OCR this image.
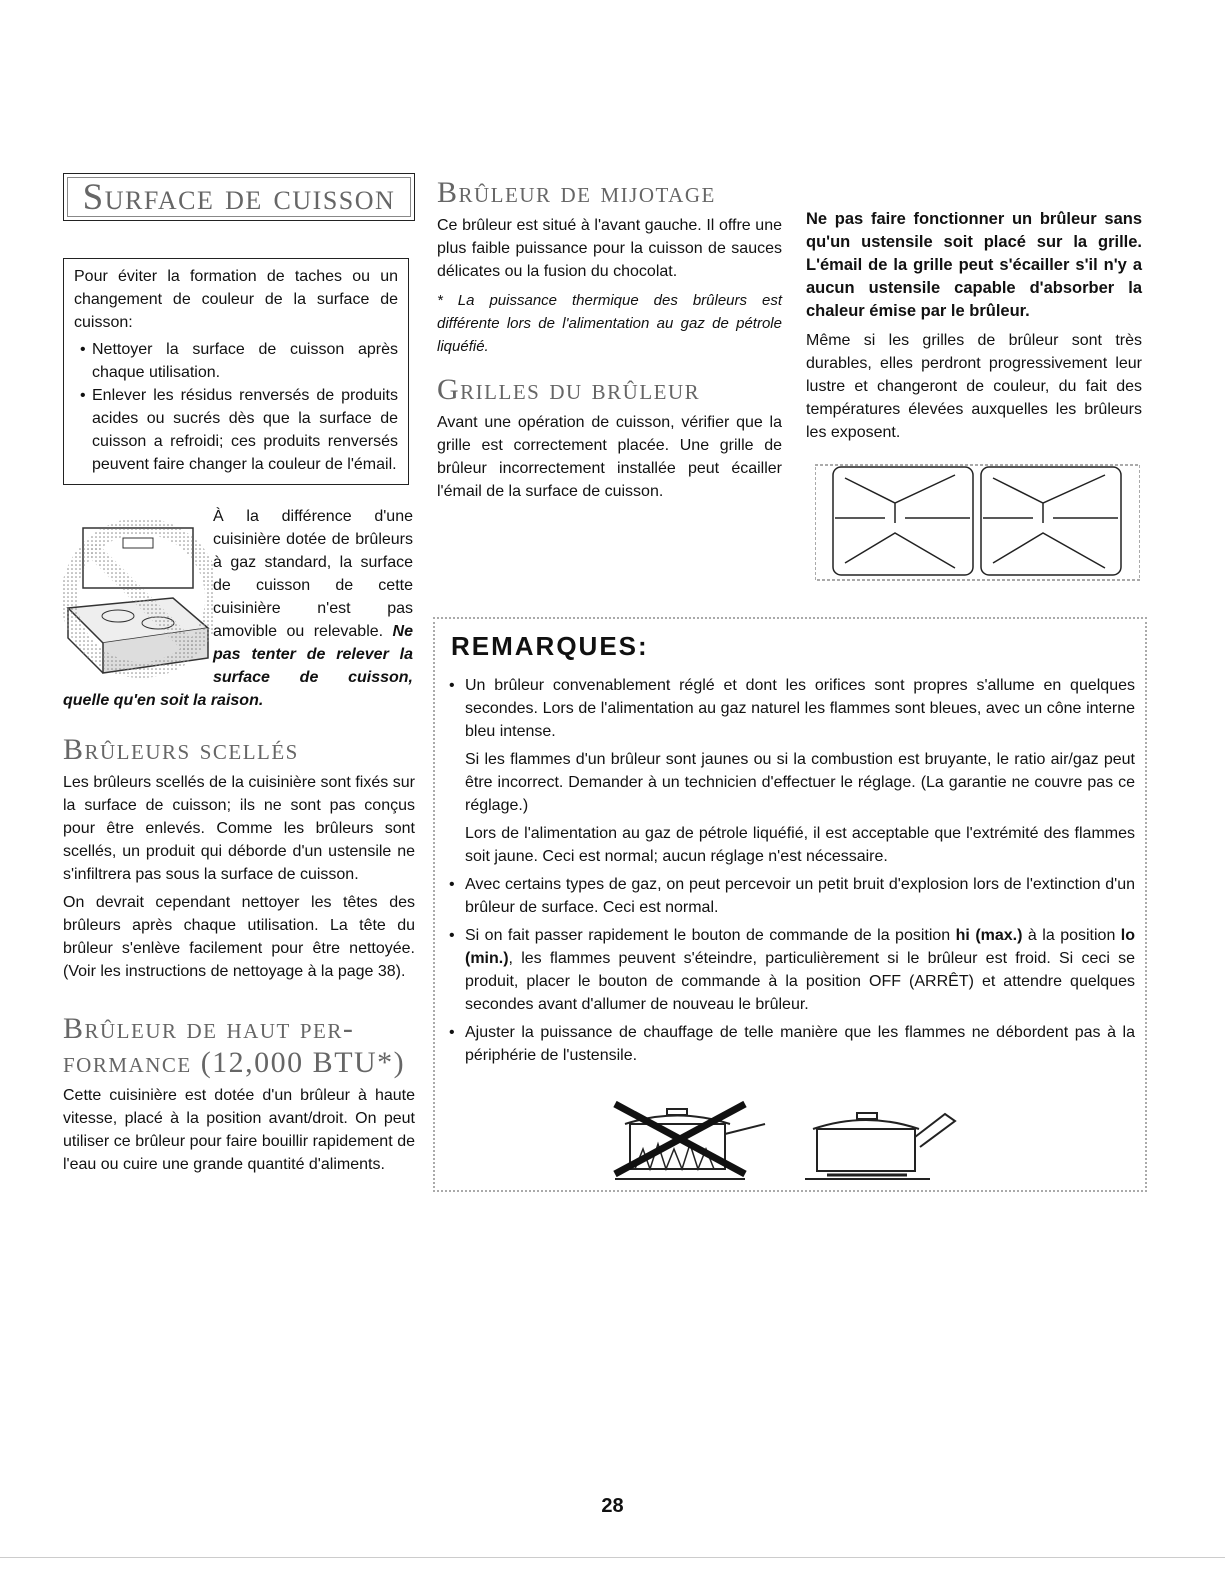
Surface de cuisson

Pour éviter la formation de taches ou un changement de couleur de la surface de cuisson:

• Nettoyer la surface de cuisson après chaque utilisation.
• Enlever les résidus renversés de produits acides ou sucrés dès que la surface de cuisson a refroidi; ces produits renversés peuvent faire changer la couleur de l'émail.
À la différence d'une cuisinière dotée de brûleurs à gaz standard, la surface de cuisson de cette cuisinière n'est pas amovible ou relevable. Ne pas tenter de relever la surface de cuisson, quelle qu'en soit la raison.
Brûleurs scellés

Les brûleurs scellés de la cuisinière sont fixés sur la surface de cuisson; ils ne sont pas conçus pour être enlevés. Comme les brûleurs sont scellés, un produit qui déborde d'un ustensile ne s'infiltrera pas sous la surface de cuisson.

On devrait cependant nettoyer les têtes des brûleurs après chaque utilisation. La tête du brûleur s'enlève facilement pour être nettoyée. (Voir les instructions de nettoyage à la page 38).

Brûleur de haut per-
formance (12,000 BTU*)

Cette cuisinière est dotée d'un brûleur à haute vitesse, placé à la position avant/droit. On peut utiliser ce brûleur pour faire bouillir rapidement de l'eau ou cuire une grande quantité d'aliments.

Brûleur de mijotage

Ce brûleur est situé à l'avant gauche. Il offre une plus faible puissance pour la cuisson de sauces délicates ou la fusion du chocolat.

* La puissance thermique des brûleurs est différente lors de l'alimentation au gaz de pétrole liquéfié.

Grilles du brûleur

Avant une opération de cuisson, vérifier que la grille est correctement placée. Une grille de brûleur incorrectement installée peut écailler l'émail de la surface de cuisson.

Ne pas faire fonctionner un brûleur sans qu'un ustensile soit placé sur la grille. L'émail de la grille peut s'écailler s'il n'y a aucun ustensile capable d'absorber la chaleur émise par le brûleur.

Même si les grilles de brûleur sont très durables, elles perdront progressivement leur lustre et changeront de couleur, du fait des températures élevées auxquelles les brûleurs les exposent.

REMARQUES:

• Un brûleur convenablement réglé et dont les orifices sont propres s'allume en quelques secondes. Lors de l'alimentation au gaz naturel les flammes sont bleues, avec un cône interne bleu intense.

Si les flammes d'un brûleur sont jaunes ou si la combustion est bruyante, le ratio air/gaz peut être incorrect. Demander à un technicien d'effectuer le réglage. (La garantie ne couvre pas ce réglage.)

Lors de l'alimentation au gaz de pétrole liquéfié, il est acceptable que l'extrémité des flammes soit jaune. Ceci est normal; aucun réglage n'est nécessaire.

• Avec certains types de gaz, on peut percevoir un petit bruit d'explosion lors de l'extinction d'un brûleur de surface. Ceci est normal.

• Si on fait passer rapidement le bouton de commande de la position hi (max.) à la position lo (min.), les flammes peuvent s'éteindre, particulièrement si le brûleur est froid. Si ceci se produit, placer le bouton de commande à la position OFF (ARRÊT) et attendre quelques secondes avant d'allumer de nouveau le brûleur.

• Ajuster la puissance de chauffage de telle manière que les flammes ne débordent pas à la périphérie de l'ustensile.

28
